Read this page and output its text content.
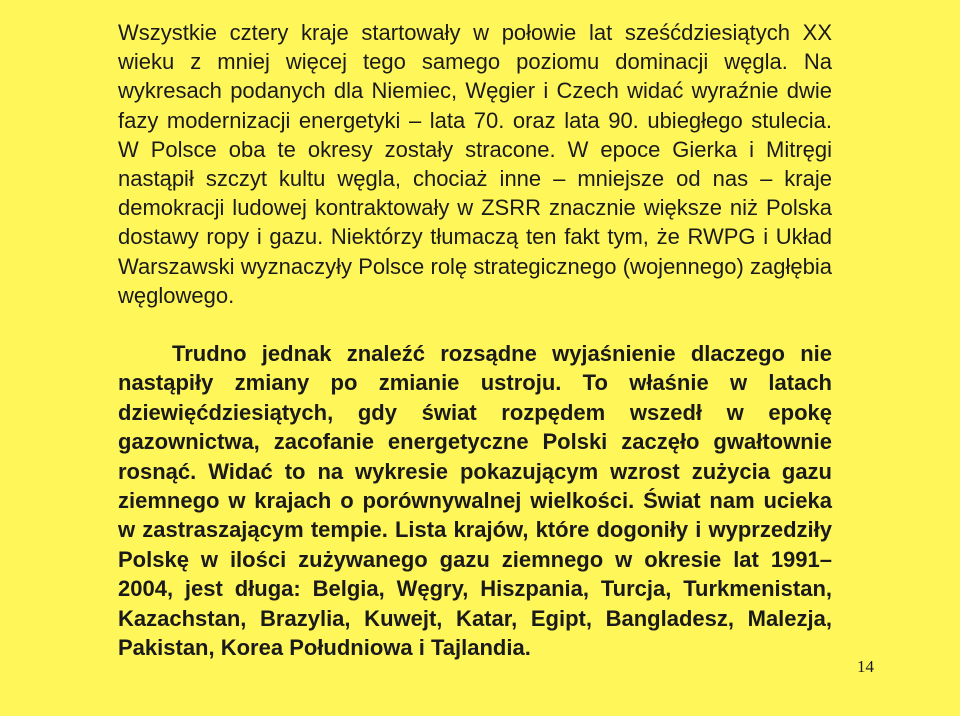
Wszystkie cztery kraje startowały w połowie lat sześćdziesiątych XX wieku z mniej więcej tego samego poziomu dominacji węgla. Na wykresach podanych dla Niemiec, Węgier i Czech widać wyraźnie dwie fazy modernizacji energetyki – lata 70. oraz lata 90. ubiegłego stulecia. W Polsce oba te okresy zostały stracone. W epoce Gierka i Mitręgi nastąpił szczyt kultu węgla, chociaż inne – mniejsze od nas – kraje demokracji ludowej kontraktowały w ZSRR znacznie większe niż Polska dostawy ropy i gazu. Niektórzy tłumaczą ten fakt tym, że RWPG i Układ Warszawski wyznaczyły Polsce rolę strategicznego (wojennego) zagłębia węglowego.

Trudno jednak znaleźć rozsądne wyjaśnienie dlaczego nie nastąpiły zmiany po zmianie ustroju. To właśnie w latach dziewięćdziesiątych, gdy świat rozpędem wszedł w epokę gazownictwa, zacofanie energetyczne Polski zaczęło gwałtownie rosnąć. Widać to na wykresie pokazującym wzrost zużycia gazu ziemnego w krajach o porównywalnej wielkości. Świat nam ucieka w zastraszającym tempie. Lista krajów, które dogoniły i wyprzedziły Polskę w ilości zużywanego gazu ziemnego w okresie lat 1991–2004, jest długa: Belgia, Węgry, Hiszpania, Turcja, Turkmenistan, Kazachstan, Brazylia, Kuwejt, Katar, Egipt, Bangladesz, Malezja, Pakistan, Korea Południowa i Tajlandia.

14
